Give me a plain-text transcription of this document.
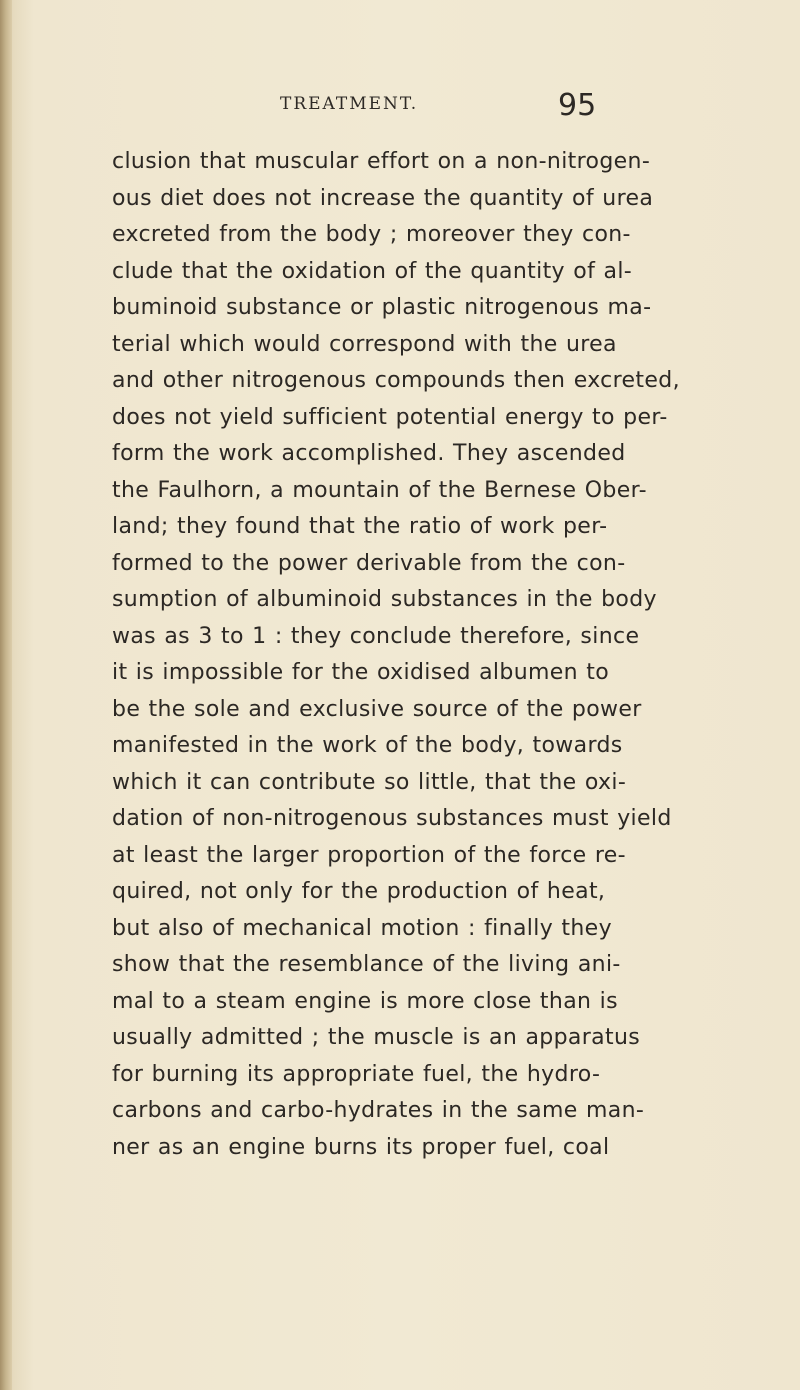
TREATMENT.	95
clusion that muscular effort on a non-nitrogen-
ous diet does not increase the quantity of urea
excreted from the body ; moreover they con-
clude that the oxidation of the quantity of al-
buminoid substance or plastic nitrogenous ma-
terial which would correspond with the urea
and other nitrogenous compounds then excreted,
does not yield sufficient potential energy to per-
form the work accomplished. They ascended
the Faulhorn, a mountain of the Bernese Ober-
land; they found that the ratio of work per-
formed to the power derivable from the con-
sumption of albuminoid substances in the body
was as 3 to 1 : they conclude therefore, since
it is impossible for the oxidised albumen to
be the sole and exclusive source of the power
manifested in the work of the body, towards
which it can contribute so little, that the oxi-
dation of non-nitrogenous substances must yield
at least the larger proportion of the force re-
quired, not only for the production of heat,
but also of mechanical motion : finally they
show that the resemblance of the living ani-
mal to a steam engine is more close than is
usually admitted ; the muscle is an apparatus
for burning its appropriate fuel, the hydro-
carbons and carbo-hydrates in the same man-
ner as an engine burns its proper fuel, coal
